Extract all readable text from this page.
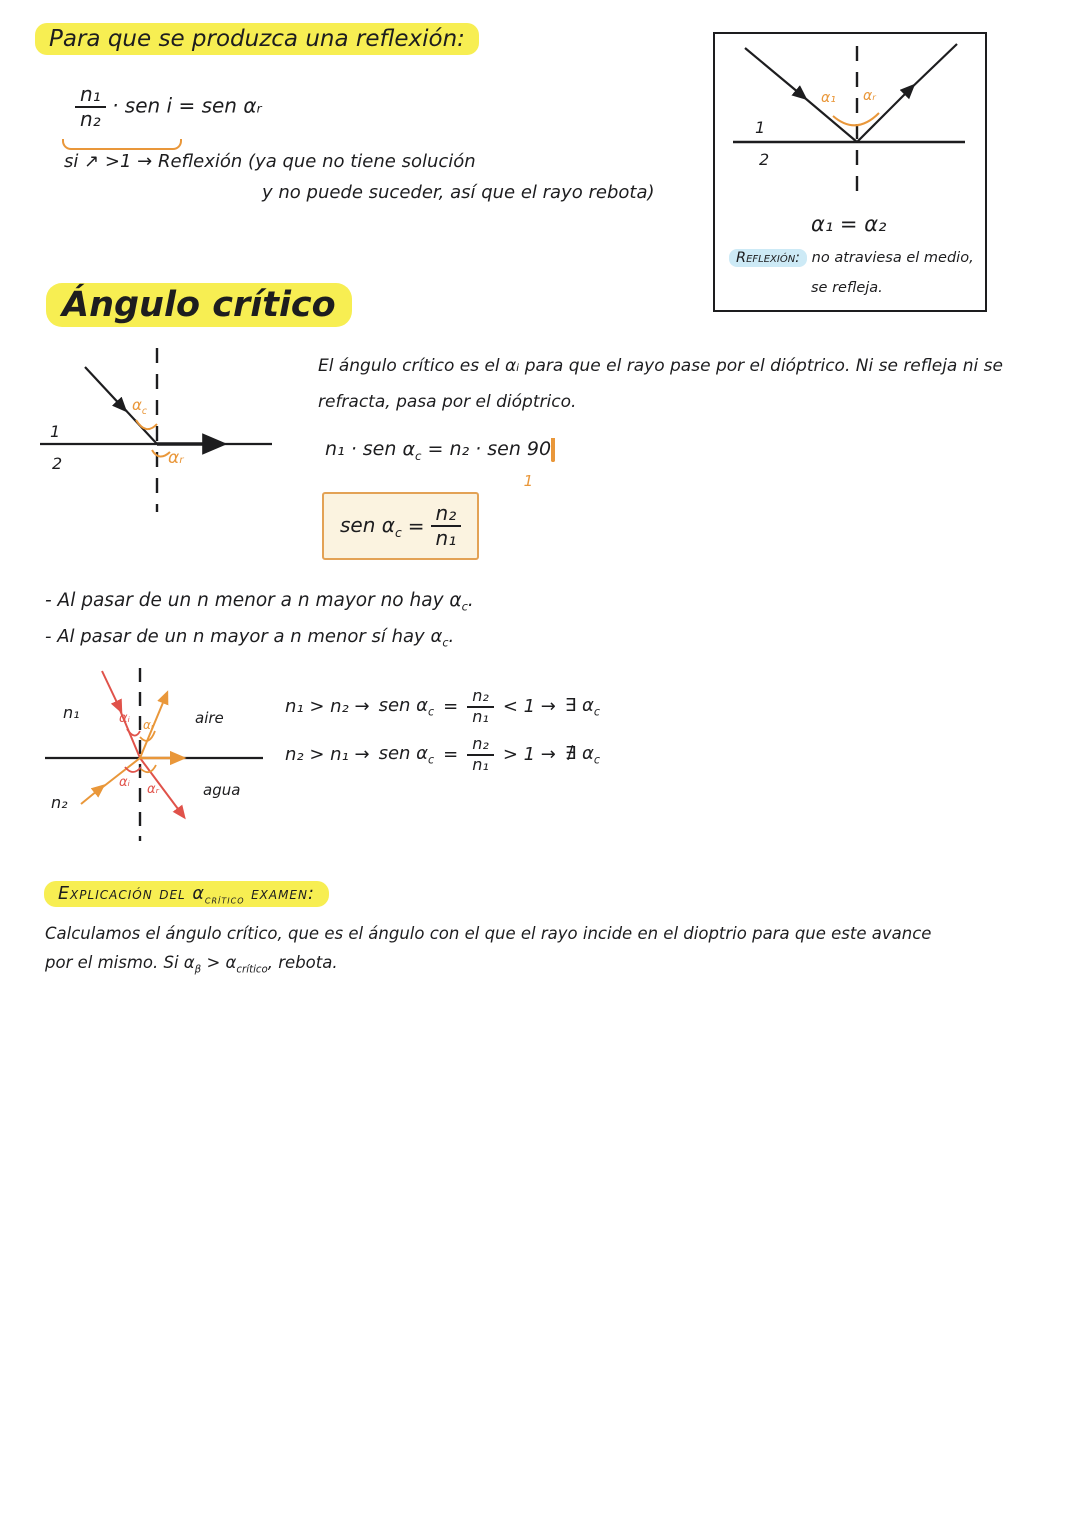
Para que se produzca una reflexión:
$\frac{\text{n₁}}{\text{n₂}}$ · sen i = sen αᵣ
si ↗ >1 → Reflexión (ya que no tiene solución
y no puede suceder, así que el rayo rebota)
1
2
α₁ αᵣ
α₁ = α₂
Reflexión: no atraviesa el medio,
se refleja.
Ángulo crítico
1
2
$\alpha_c$
αᵣ
El ángulo crítico es el αᵢ para que el rayo pase por el dióptrico. Ni se refleja ni se
refracta, pasa por el dióptrico.
n₁ · sen $\alpha_c = n_2$ · sen 90
1
sen $\alpha_c = \frac{\text{n₂}}{\text{n₁}}$
- Al pasar de un n menor a n mayor no hay $\alpha_c$.
- Al pasar de un n mayor a n menor sí hay $\alpha_c$.
n₁	aire
n₂
agua
αᵢ αᵣ
αᵢ αᵣ
n₁ > n₂ → sen $\alpha_c = \frac{\text{n₂}}{\text{n₁}} < 1$ → ∃ $\alpha_c$
n₂ > n₁ → sen $\alpha_c = \frac{\text{n₂}}{\text{n₁}} > 1$ → ∄ $\alpha_c$
Explicación del $\alpha_{crítico}$ examen:
Calculamos el ángulo crítico, que es el ángulo con el que el rayo incide en el dioptrio para que este avance
por el mismo. Si $\alpha_\beta > \alpha_{crítico}$, rebota.
